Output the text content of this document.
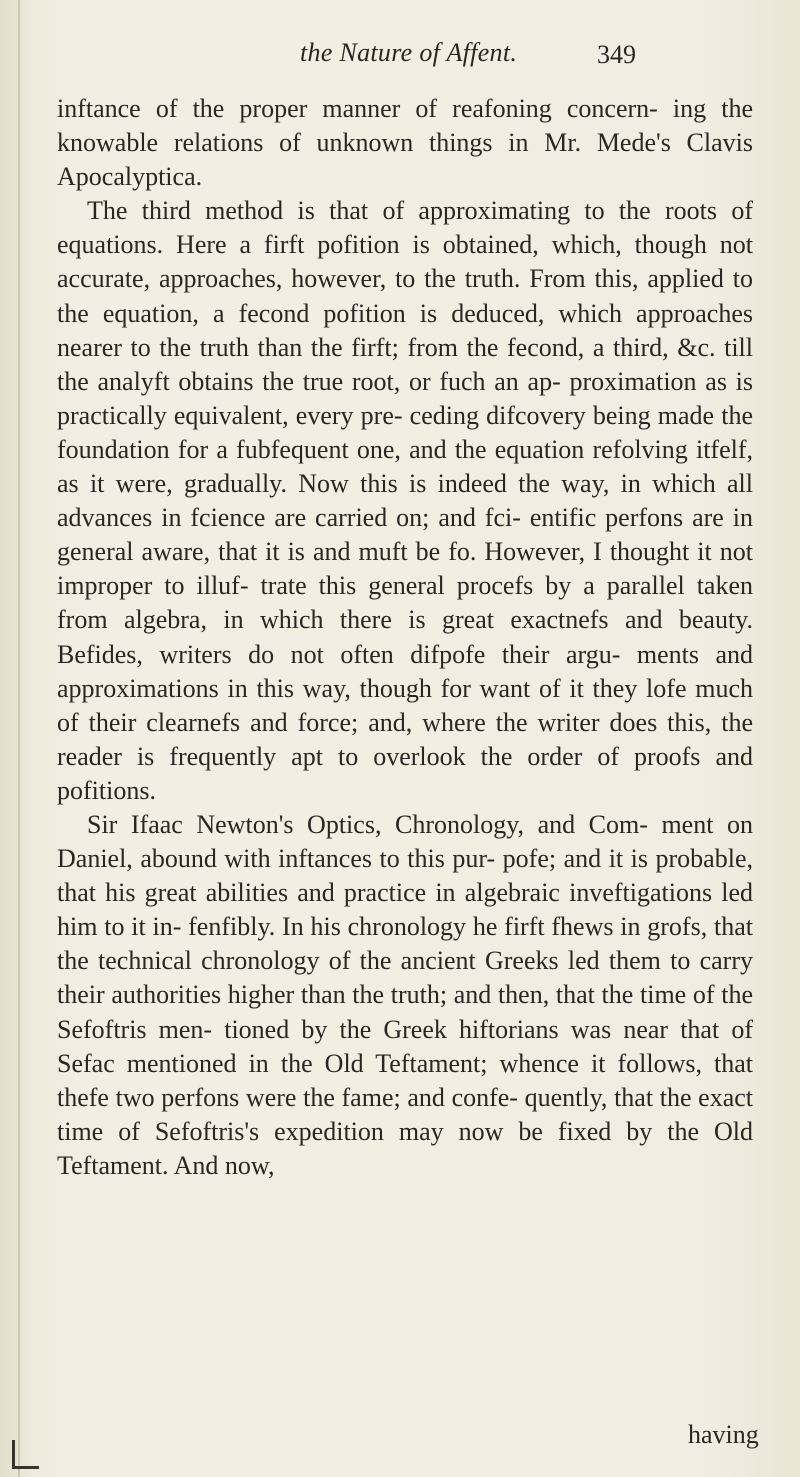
the Nature of Affent.	349

inftance of the proper manner of reafoning concern- ing the knowable relations of unknown things in Mr. Mede's Clavis Apocalyptica.

The third method is that of approximating to the roots of equations. Here a firft pofition is obtained, which, though not accurate, approaches, however, to the truth. From this, applied to the equation, a fecond pofition is deduced, which approaches nearer to the truth than the firft; from the fecond, a third, &c. till the analyft obtains the true root, or fuch an ap- proximation as is practically equivalent, every pre- ceding difcovery being made the foundation for a fubfequent one, and the equation refolving itfelf, as it were, gradually. Now this is indeed the way, in which all advances in fcience are carried on; and fci- entific perfons are in general aware, that it is and muft be fo. However, I thought it not improper to illuf- trate this general procefs by a parallel taken from algebra, in which there is great exactnefs and beauty. Befides, writers do not often difpofe their argu- ments and approximations in this way, though for want of it they lofe much of their clearnefs and force; and, where the writer does this, the reader is frequently apt to overlook the order of proofs and pofitions.

Sir Ifaac Newton's Optics, Chronology, and Com- ment on Daniel, abound with inftances to this pur- pofe; and it is probable, that his great abilities and practice in algebraic inveftigations led him to it in- fenfibly. In his chronology he firft fhews in grofs, that the technical chronology of the ancient Greeks led them to carry their authorities higher than the truth; and then, that the time of the Sefoftris men- tioned by the Greek hiftorians was near that of Sefac mentioned in the Old Teftament; whence it follows, that thefe two perfons were the fame; and confe- quently, that the exact time of Sefoftris's expedition may now be fixed by the Old Teftament. And now,

having
